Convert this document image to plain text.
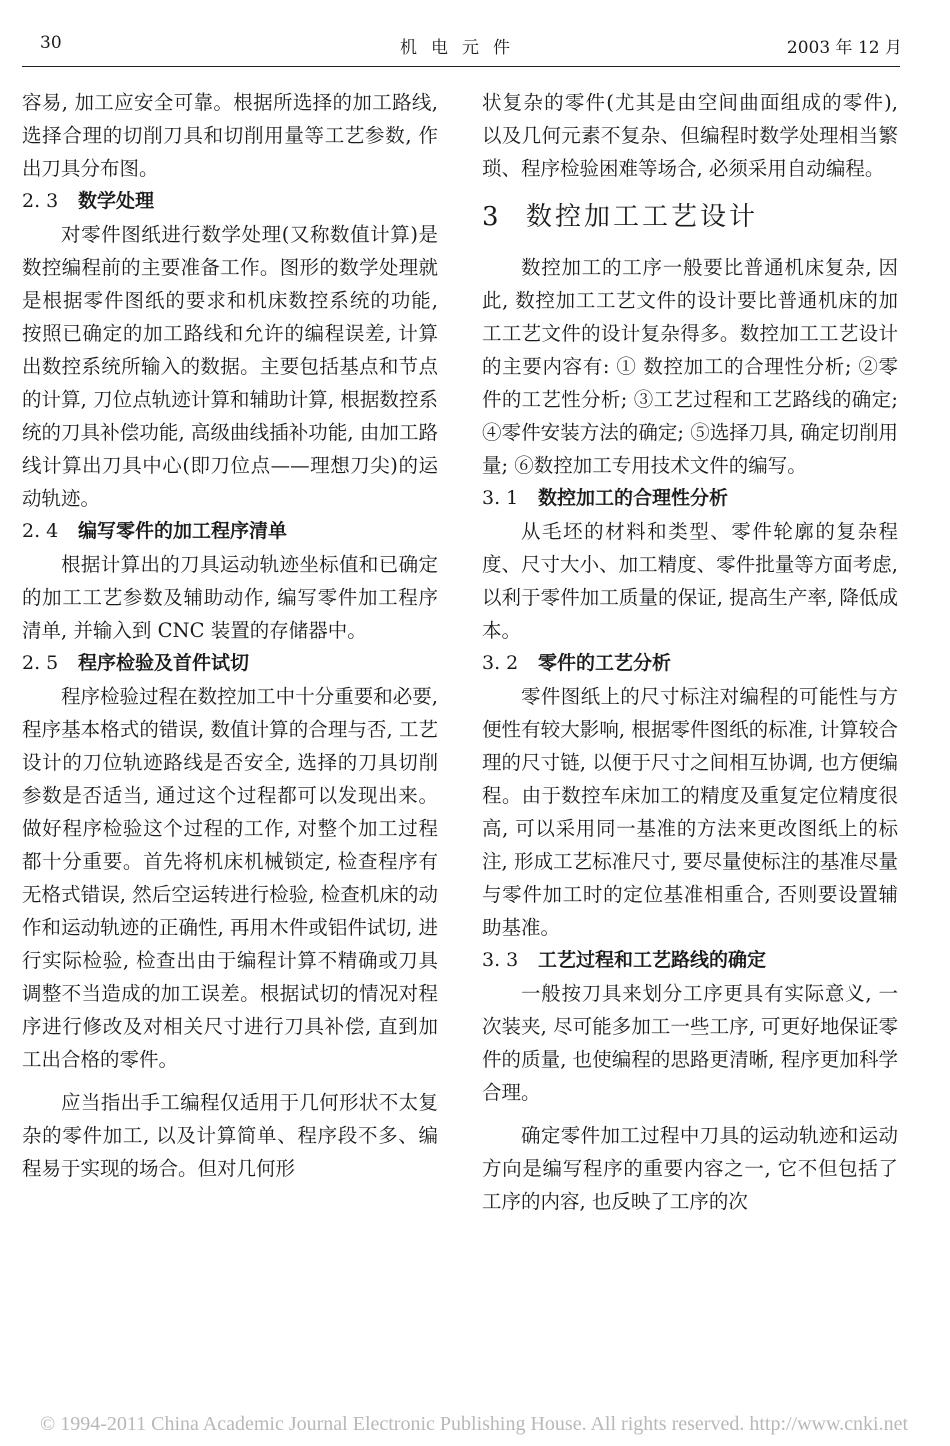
30	机电元件	2003 年 12 月

容易, 加工应安全可靠。根据所选择的加工路线, 选择合理的切削刀具和切削用量等工艺参数, 作出刀具分布图。

2. 3 数学处理

对零件图纸进行数学处理(又称数值计算)是数控编程前的主要准备工作。图形的数学处理就是根据零件图纸的要求和机床数控系统的功能, 按照已确定的加工路线和允许的编程误差, 计算出数控系统所输入的数据。主要包括基点和节点的计算, 刀位点轨迹计算和辅助计算, 根据数控系统的刀具补偿功能, 高级曲线插补功能, 由加工路线计算出刀具中心(即刀位点——理想刀尖)的运动轨迹。

2. 4 编写零件的加工程序清单

根据计算出的刀具运动轨迹坐标值和已确定的加工工艺参数及辅助动作, 编写零件加工程序清单, 并输入到 CNC 装置的存储器中。

2. 5 程序检验及首件试切

程序检验过程在数控加工中十分重要和必要, 程序基本格式的错误, 数值计算的合理与否, 工艺设计的刀位轨迹路线是否安全, 选择的刀具切削参数是否适当, 通过这个过程都可以发现出来。做好程序检验这个过程的工作, 对整个加工过程都十分重要。首先将机床机械锁定, 检查程序有无格式错误, 然后空运转进行检验, 检查机床的动作和运动轨迹的正确性, 再用木件或铝件试切, 进行实际检验, 检查出由于编程计算不精确或刀具调整不当造成的加工误差。根据试切的情况对程序进行修改及对相关尺寸进行刀具补偿, 直到加工出合格的零件。

应当指出手工编程仅适用于几何形状不太复杂的零件加工, 以及计算简单、程序段不多、编程易于实现的场合。但对几何形

状复杂的零件(尤其是由空间曲面组成的零件), 以及几何元素不复杂、但编程时数学处理相当繁琐、程序检验困难等场合, 必须采用自动编程。

3 数控加工工艺设计

数控加工的工序一般要比普通机床复杂, 因此, 数控加工工艺文件的设计要比普通机床的加工工艺文件的设计复杂得多。数控加工工艺设计的主要内容有: ① 数控加工的合理性分析; ②零件的工艺性分析; ③工艺过程和工艺路线的确定; ④零件安装方法的确定; ⑤选择刀具, 确定切削用量; ⑥数控加工专用技术文件的编写。

3. 1 数控加工的合理性分析

从毛坯的材料和类型、零件轮廓的复杂程度、尺寸大小、加工精度、零件批量等方面考虑, 以利于零件加工质量的保证, 提高生产率, 降低成本。

3. 2 零件的工艺分析

零件图纸上的尺寸标注对编程的可能性与方便性有较大影响, 根据零件图纸的标准, 计算较合理的尺寸链, 以便于尺寸之间相互协调, 也方便编程。由于数控车床加工的精度及重复定位精度很高, 可以采用同一基准的方法来更改图纸上的标注, 形成工艺标准尺寸, 要尽量使标注的基准尽量与零件加工时的定位基准相重合, 否则要设置辅助基准。

3. 3 工艺过程和工艺路线的确定

一般按刀具来划分工序更具有实际意义, 一次装夹, 尽可能多加工一些工序, 可更好地保证零件的质量, 也使编程的思路更清晰, 程序更加科学合理。

确定零件加工过程中刀具的运动轨迹和运动方向是编写程序的重要内容之一, 它不但包括了工序的内容, 也反映了工序的次

© 1994-2011 China Academic Journal Electronic Publishing House. All rights reserved. http://www.cnki.net
